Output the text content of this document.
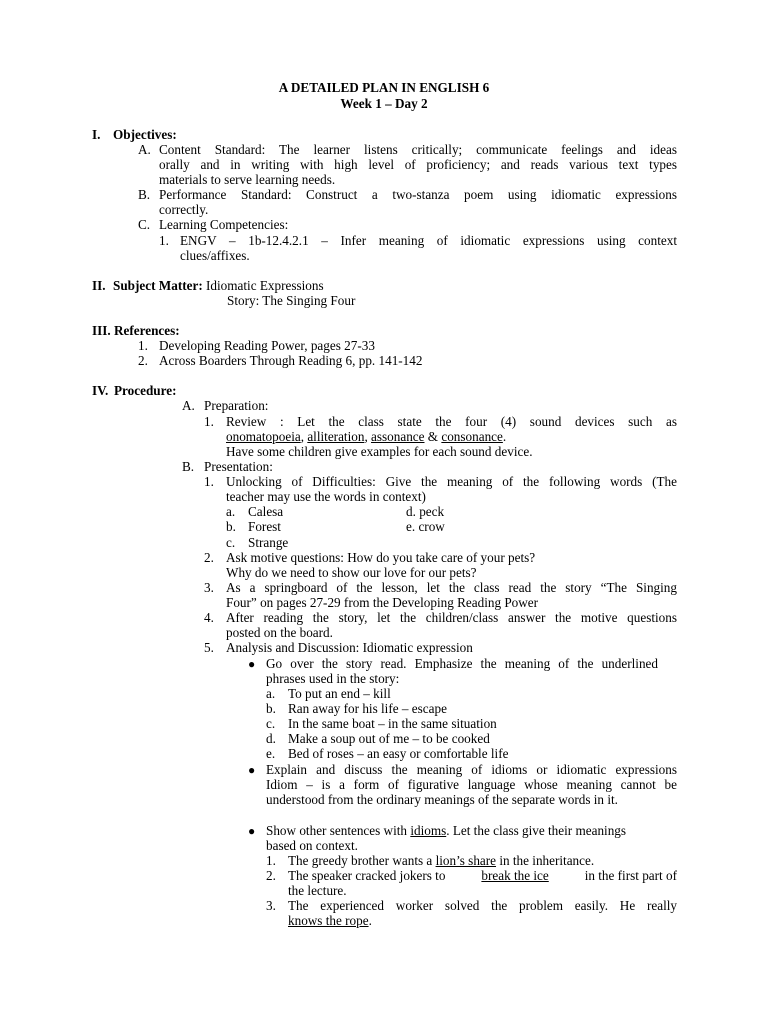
A DETAILED PLAN IN ENGLISH 6
Week 1 – Day 2
I. Objectives:
A. Content Standard: The learner listens critically; communicate feelings and ideas
orally and in writing with high level of proficiency; and reads various text types
materials to serve learning needs.
B. Performance Standard: Construct a two-stanza poem using idiomatic expressions
correctly.
C. Learning Competencies:
1. ENGV – 1b-12.4.2.1 – Infer meaning of idiomatic expressions using context
clues/affixes.
II. Subject Matter: Idiomatic Expressions
Story: The Singing Four
III. References:
1. Developing Reading Power, pages 27-33
2. Across Boarders Through Reading 6, pp. 141-142
IV. Procedure:
A. Preparation:
1. Review : Let the class state the four (4) sound devices such as
onomatopoeia, alliteration, assonance & consonance.
Have some children give examples for each sound device.
B. Presentation:
1. Unlocking of Difficulties: Give the meaning of the following words (The
teacher may use the words in context)
a. Calesa	d. peck
b. Forest	e. crow
c. Strange
2. Ask motive questions: How do you take care of your pets?
Why do we need to show our love for our pets?
3. As a springboard of the lesson, let the class read the story “The Singing
Four” on pages 27-29 from the Developing Reading Power
4. After reading the story, let the children/class answer the motive questions
posted on the board.
5. Analysis and Discussion: Idiomatic expression
● Go over the story read. Emphasize the meaning of the underlined
phrases used in the story:
a. To put an end – kill
b. Ran away for his life – escape
c. In the same boat – in the same situation
d. Make a soup out of me – to be cooked
e. Bed of roses – an easy or comfortable life
● Explain and discuss the meaning of idioms or idiomatic expressions
Idiom – is a form of figurative language whose meaning cannot be
understood from the ordinary meanings of the separate words in it.
● Show other sentences with idioms. Let the class give their meanings
based on context.
1. The greedy brother wants a lion’s share in the inheritance.
2. The speaker cracked jokers to	break the ice	in the first part of
the lecture.
3. The experienced worker solved the problem easily. He really
knows the rope.
